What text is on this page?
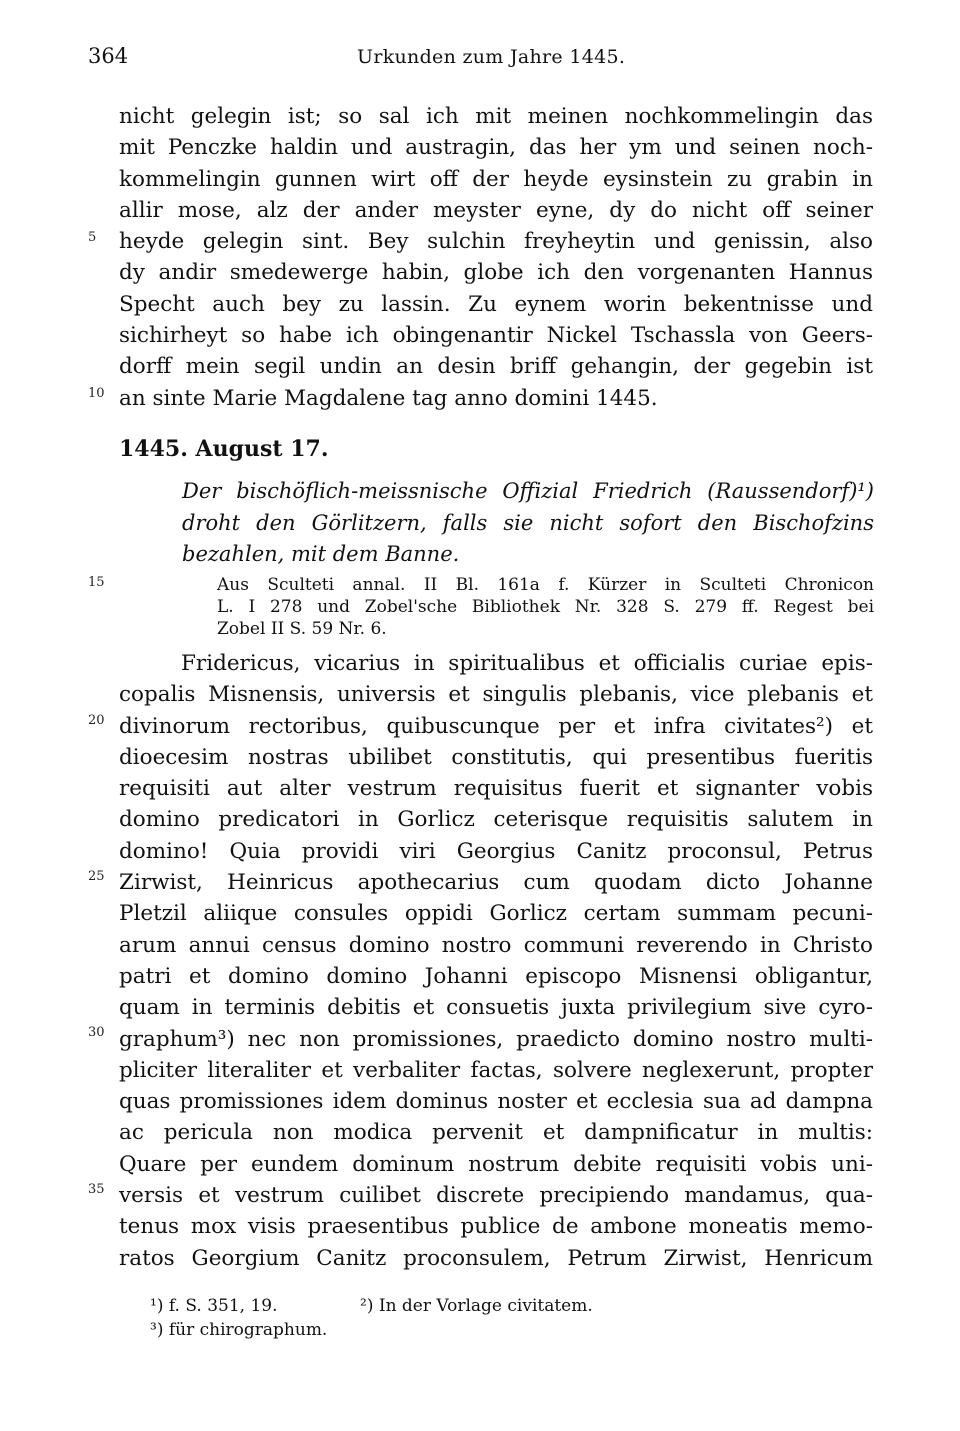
364	Urkunden zum Jahre 1445.
5
10
15
20
25
30
35
nicht gelegin ist; so sal ich mit meinen nochkommelingin das
mit Penczke haldin und austragin, das her ym und seinen noch-
kommelingin gunnen wirt off der heyde eysinstein zu grabin in
allir mose, alz der ander meyster eyne, dy do nicht off seiner
heyde gelegin sint. Bey sulchin freyheytin und genissin, also
dy andir smedewerge habin, globe ich den vorgenanten Hannus
Specht auch bey zu lassin. Zu eynem worin bekentnisse und
sichirheyt so habe ich obingenantir Nickel Tschassla von Geers-
dorff mein segil undin an desin briff gehangin, der gegebin ist
an sinte Marie Magdalene tag anno domini 1445.
1445. August 17.
Der bischöflich-meissnische Offizial Friedrich (Raussendorf)¹)
droht den Görlitzern, falls sie nicht sofort den Bischofzins
bezahlen, mit dem Banne.
Aus Sculteti annal. II Bl. 161a f. Kürzer in Sculteti Chronicon
L. I 278 und Zobel'sche Bibliothek Nr. 328 S. 279 ff. Regest bei
Zobel II S. 59 Nr. 6.
Fridericus, vicarius in spiritualibus et officialis curiae epis-
copalis Misnensis, universis et singulis plebanis, vice plebanis et
divinorum rectoribus, quibuscunque per et infra civitates²) et
dioecesim nostras ubilibet constitutis, qui presentibus fueritis
requisiti aut alter vestrum requisitus fuerit et signanter vobis
domino predicatori in Gorlicz ceterisque requisitis salutem in
domino! Quia providi viri Georgius Canitz proconsul, Petrus
Zirwist, Heinricus apothecarius cum quodam dicto Johanne
Pletzil aliique consules oppidi Gorlicz certam summam pecuni-
arum annui census domino nostro communi reverendo in Christo
patri et domino domino Johanni episcopo Misnensi obligantur,
quam in terminis debitis et consuetis juxta privilegium sive cyro-
graphum³) nec non promissiones, praedicto domino nostro multi-
pliciter literaliter et verbaliter factas, solvere neglexerunt, propter
quas promissiones idem dominus noster et ecclesia sua ad dampna
ac pericula non modica pervenit et dampnificatur in multis:
Quare per eundem dominum nostrum debite requisiti vobis uni-
versis et vestrum cuilibet discrete precipiendo mandamus, qua-
tenus mox visis praesentibus publice de ambone moneatis memo-
ratos Georgium Canitz proconsulem, Petrum Zirwist, Henricum
¹) f. S. 351, 19.	²) In der Vorlage civitatem.
³) für chirographum.
